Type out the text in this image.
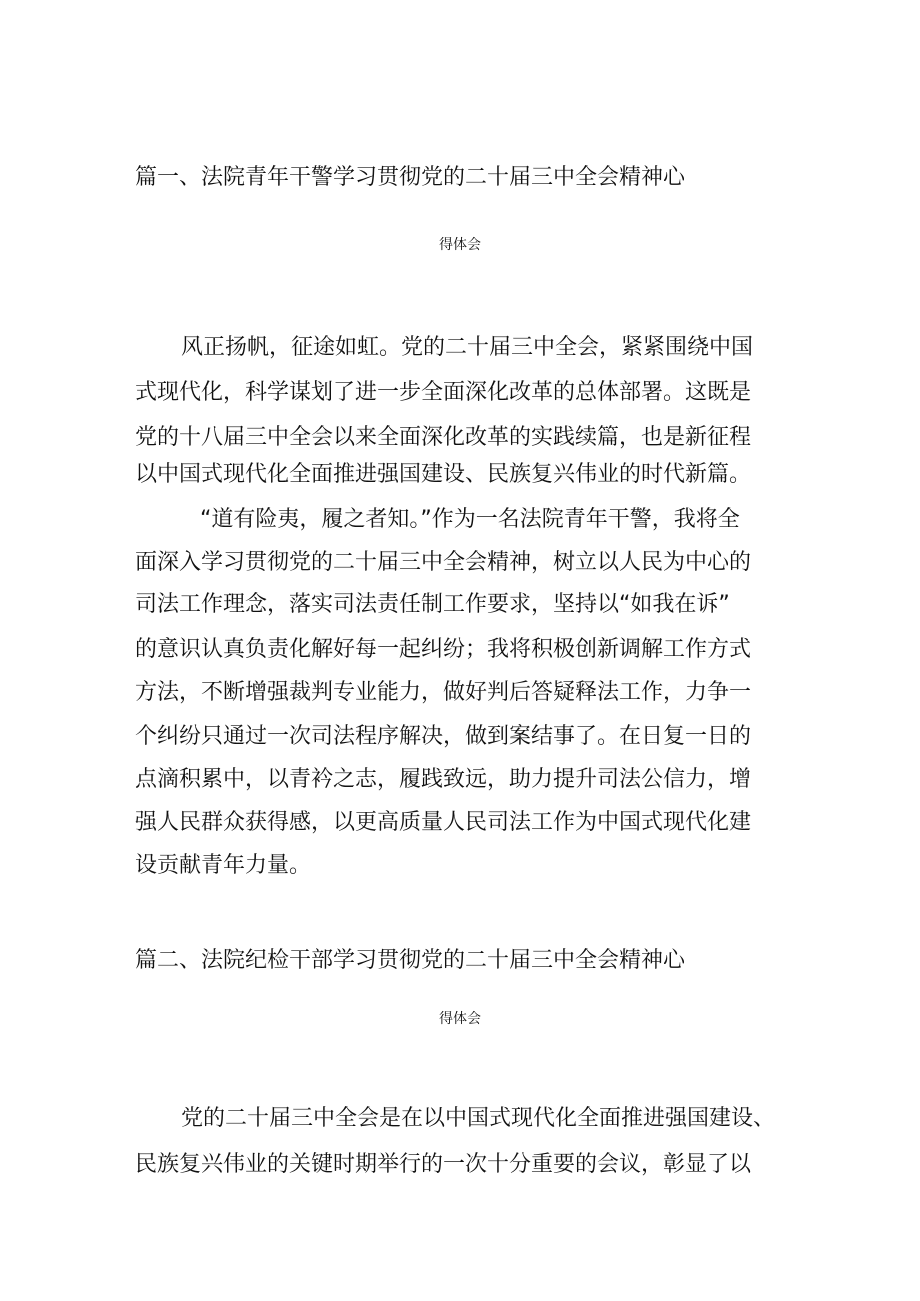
篇一、法院青年干警学习贯彻党的二十届三中全会精神心

得体会

风正扬帆，征途如虹。党的二十届三中全会，紧紧围绕中国

式现代化，科学谋划了进一步全面深化改革的总体部署。这既是

党的十八届三中全会以来全面深化改革的实践续篇，也是新征程

以中国式现代化全面推进强国建设、民族复兴伟业的时代新篇。

“道有险夷，履之者知。”作为一名法院青年干警，我将全

面深入学习贯彻党的二十届三中全会精神，树立以人民为中心的

司法工作理念，落实司法责任制工作要求，坚持以“如我在诉”

的意识认真负责化解好每一起纠纷；我将积极创新调解工作方式

方法，不断增强裁判专业能力，做好判后答疑释法工作，力争一

个纠纷只通过一次司法程序解决，做到案结事了。在日复一日的

点滴积累中，以青衿之志，履践致远，助力提升司法公信力，增

强人民群众获得感，以更高质量人民司法工作为中国式现代化建

设贡献青年力量。

篇二、法院纪检干部学习贯彻党的二十届三中全会精神心

得体会

党的二十届三中全会是在以中国式现代化全面推进强国建设、

民族复兴伟业的关键时期举行的一次十分重要的会议，彰显了以
